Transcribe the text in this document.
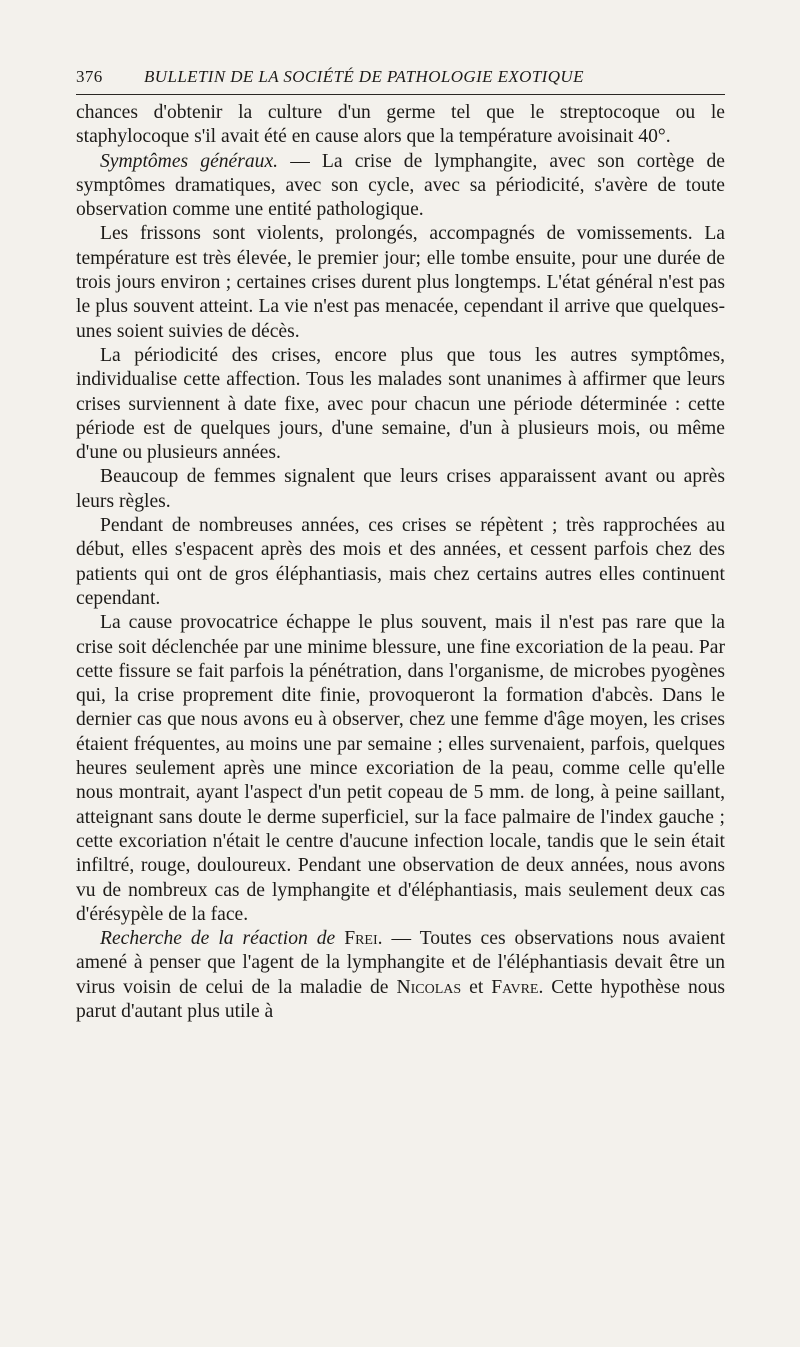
376 BULLETIN DE LA SOCIÉTÉ DE PATHOLOGIE EXOTIQUE

chances d'obtenir la culture d'un germe tel que le streptocoque ou le staphylocoque s'il avait été en cause alors que la température avoisinait 40°.

Symptômes généraux. — La crise de lymphangite, avec son cortège de symptômes dramatiques, avec son cycle, avec sa périodicité, s'avère de toute observation comme une entité pathologique.

Les frissons sont violents, prolongés, accompagnés de vomissements. La température est très élevée, le premier jour; elle tombe ensuite, pour une durée de trois jours environ ; certaines crises durent plus longtemps. L'état général n'est pas le plus souvent atteint. La vie n'est pas menacée, cependant il arrive que quelques-unes soient suivies de décès.

La périodicité des crises, encore plus que tous les autres symptômes, individualise cette affection. Tous les malades sont unanimes à affirmer que leurs crises surviennent à date fixe, avec pour chacun une période déterminée : cette période est de quelques jours, d'une semaine, d'un à plusieurs mois, ou même d'une ou plusieurs années.

Beaucoup de femmes signalent que leurs crises apparaissent avant ou après leurs règles.

Pendant de nombreuses années, ces crises se répètent ; très rapprochées au début, elles s'espacent après des mois et des années, et cessent parfois chez des patients qui ont de gros éléphantiasis, mais chez certains autres elles continuent cependant.

La cause provocatrice échappe le plus souvent, mais il n'est pas rare que la crise soit déclenchée par une minime blessure, une fine excoriation de la peau. Par cette fissure se fait parfois la pénétration, dans l'organisme, de microbes pyogènes qui, la crise proprement dite finie, provoqueront la formation d'abcès. Dans le dernier cas que nous avons eu à observer, chez une femme d'âge moyen, les crises étaient fréquentes, au moins une par semaine ; elles survenaient, parfois, quelques heures seulement après une mince excoriation de la peau, comme celle qu'elle nous montrait, ayant l'aspect d'un petit copeau de 5 mm. de long, à peine saillant, atteignant sans doute le derme superficiel, sur la face palmaire de l'index gauche ; cette excoriation n'était le centre d'aucune infection locale, tandis que le sein était infiltré, rouge, douloureux. Pendant une observation de deux années, nous avons vu de nombreux cas de lymphangite et d'éléphantiasis, mais seulement deux cas d'érésypèle de la face.

Recherche de la réaction de Frei. — Toutes ces observations nous avaient amené à penser que l'agent de la lymphangite et de l'éléphantiasis devait être un virus voisin de celui de la maladie de Nicolas et Favre. Cette hypothèse nous parut d'autant plus utile à
